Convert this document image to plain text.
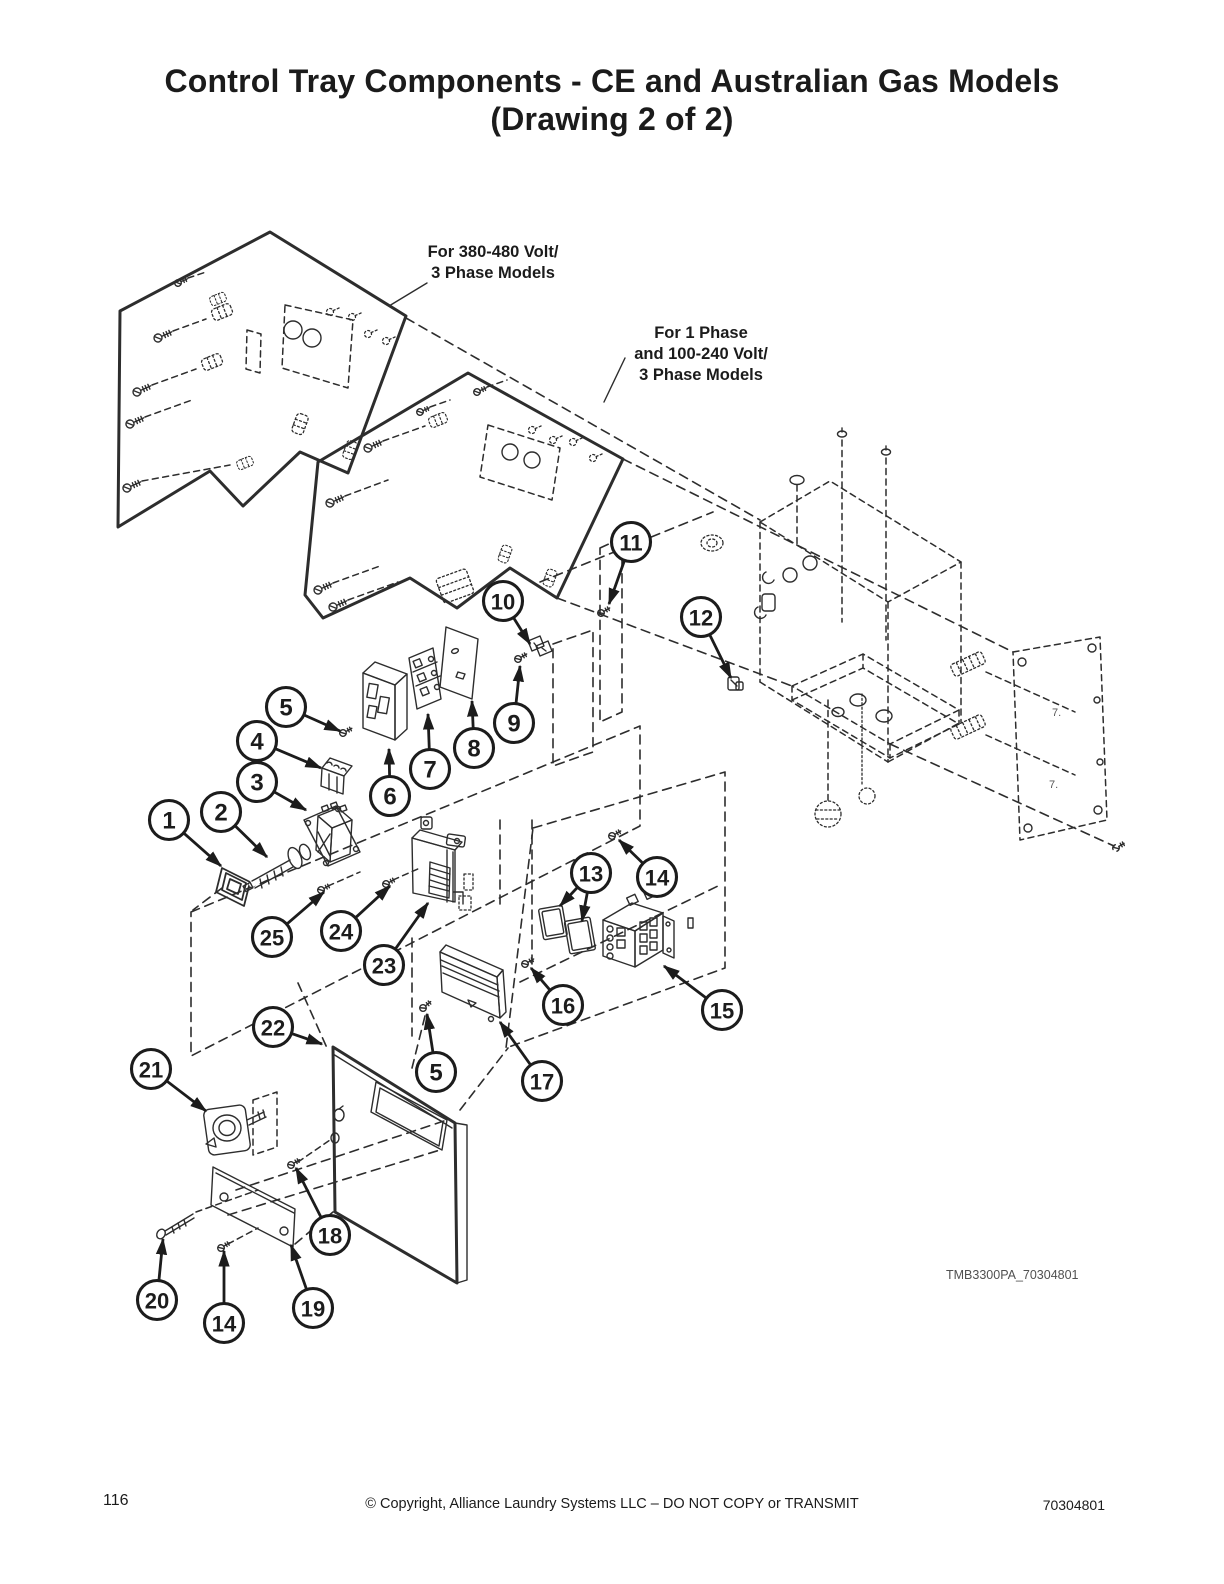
Control Tray Components - CE and Australian Gas Models
(Drawing 2 of 2)
For 380-480 Volt/
3 Phase Models
For 1 Phase
and 100-240 Volt/
3 Phase Models
7.
7.
1 2
3
4
5
6
7
8
9
10
11
12
13 14
15
16
17
5
21
22
23
24
25
18
19
20
14
TMB3300PA_70304801
116	© Copyright, Alliance Laundry Systems LLC – DO NOT COPY or TRANSMIT	70304801
